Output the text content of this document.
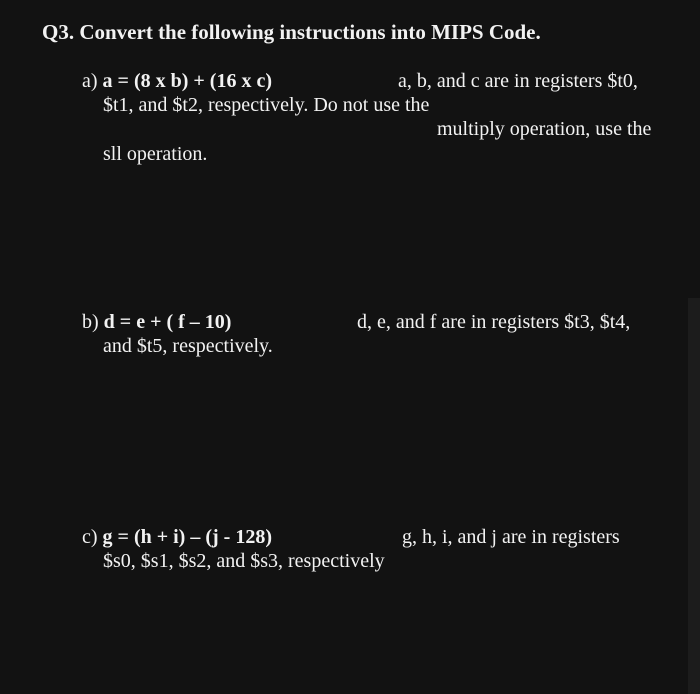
Q3. Convert the following instructions into MIPS Code.
a) a = (8 x b) + (16 x c)	a, b, and c are in registers $t0,
$t1, and $t2, respectively. Do not use the
multiply operation, use the
sll operation.
b) d = e + ( f – 10)	d, e, and f are in registers $t3, $t4,
and $t5, respectively.
c) g = (h + i) – (j - 128)	g, h, i, and j are in registers
$s0, $s1, $s2, and $s3, respectively
